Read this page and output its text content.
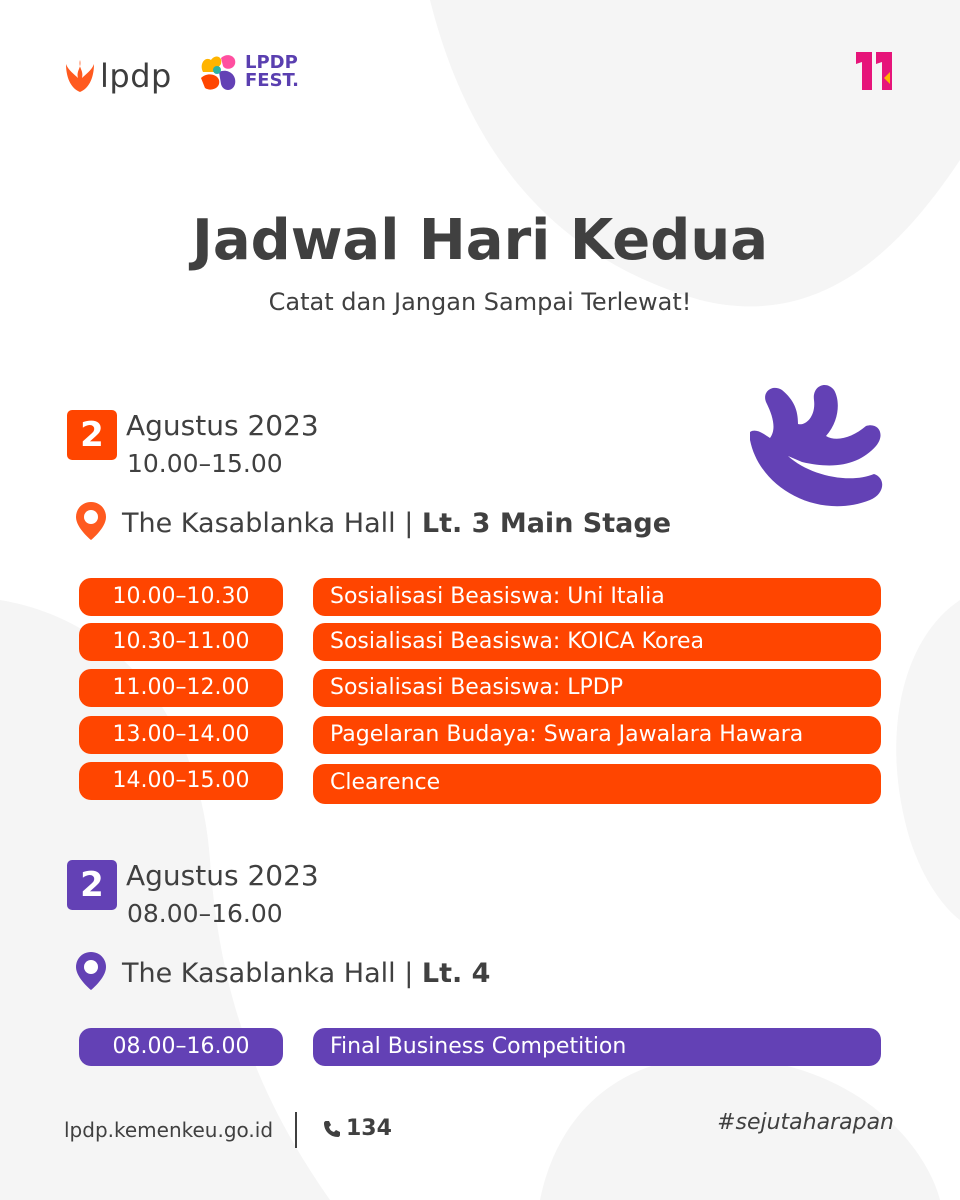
lpdp	LPDP
FEST.
Jadwal Hari Kedua
Catat dan Jangan Sampai Terlewat!
2 Agustus 2023
10.00–15.00
The Kasablanka Hall | Lt. 3 Main Stage
10.00–10.30	Sosialisasi Beasiswa: Uni Italia
10.30–11.00	Sosialisasi Beasiswa: KOICA Korea
11.00–12.00	Sosialisasi Beasiswa: LPDP
13.00–14.00	Pagelaran Budaya: Swara Jawalara Hawara
14.00–15.00	Clearence
2 Agustus 2023
08.00–16.00
The Kasablanka Hall | Lt. 4
08.00–16.00	Final Business Competition
lpdp.kemenkeu.go.id	134	#sejutaharapan
